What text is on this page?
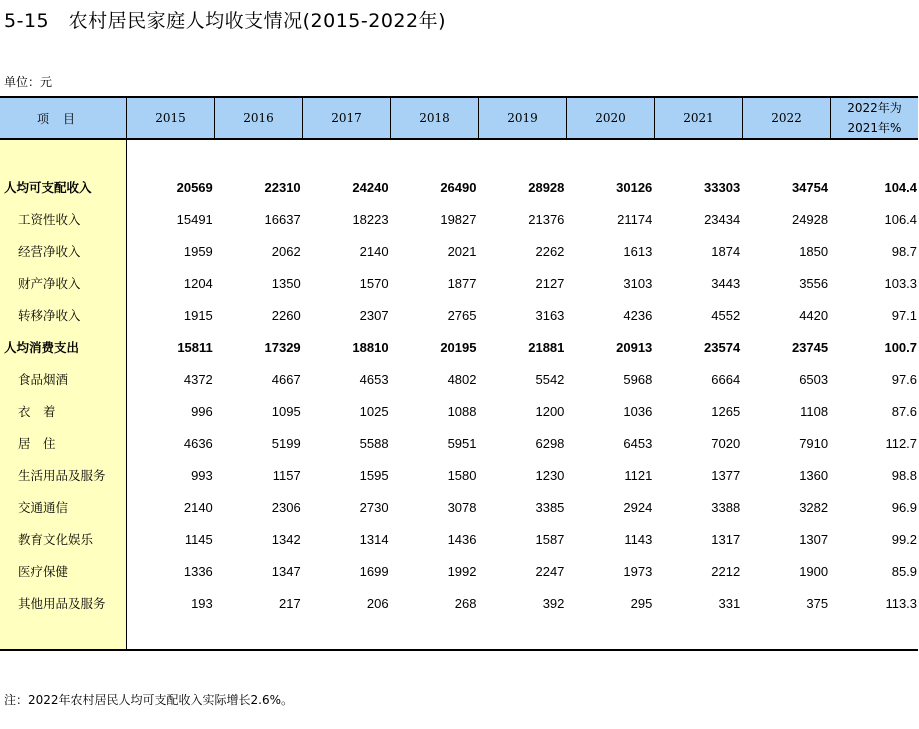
5-15　农村居民家庭人均收支情况(2015-2022年)
单位：元
项目	2015	2016	2017	2018	2019	2020	2021	2022
2022年为
2021年%
人均可支配收入	20569	22310	24240	26490	28928	30126	33303	34754	104.4
工资性收入	15491	16637	18223	19827	21376	21174	23434	24928	106.4
经营净收入	1959	2062	2140	2021	2262	1613	1874	1850	98.7
财产净收入	1204	1350	1570	1877	2127	3103	3443	3556	103.3
转移净收入	1915	2260	2307	2765	3163	4236	4552	4420	97.1
人均消费支出	15811	17329	18810	20195	21881	20913	23574	23745	100.7
食品烟酒	4372	4667	4653	4802	5542	5968	6664	6503	97.6
衣　着	996	1095	1025	1088	1200	1036	1265	1108	87.6
居　住	4636	5199	5588	5951	6298	6453	7020	7910	112.7
生活用品及服务	993	1157	1595	1580	1230	1121	1377	1360	98.8
交通通信	2140	2306	2730	3078	3385	2924	3388	3282	96.9
教育文化娱乐	1145	1342	1314	1436	1587	1143	1317	1307	99.2
医疗保健	1336	1347	1699	1992	2247	1973	2212	1900	85.9
其他用品及服务	193	217	206	268	392	295	331	375	113.3
注：2022年农村居民人均可支配收入实际增长2.6%。
